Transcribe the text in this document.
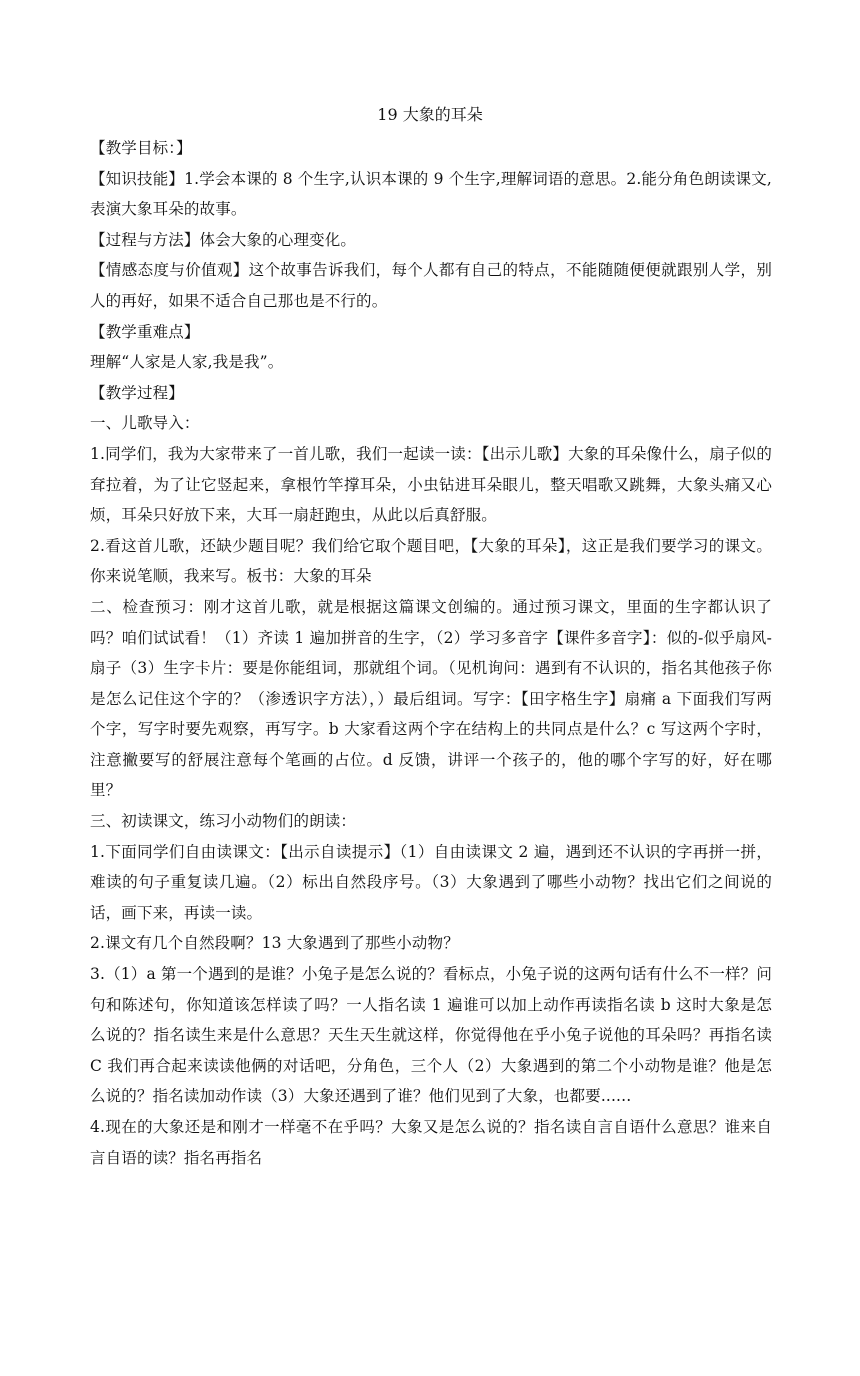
19 大象的耳朵

【教学目标：】

【知识技能】1.学会本课的 8 个生字,认识本课的 9 个生字,理解词语的意思。2.能分角色朗读课文,表演大象耳朵的故事。

【过程与方法】体会大象的心理变化。

【情感态度与价值观】这个故事告诉我们，每个人都有自己的特点，不能随随便便就跟别人学，别人的再好，如果不适合自己那也是不行的。

【教学重难点】

理解“人家是人家,我是我”。

【教学过程】

一、儿歌导入：

1.同学们，我为大家带来了一首儿歌，我们一起读一读：【出示儿歌】大象的耳朵像什么，扇子似的耷拉着，为了让它竖起来，拿根竹竿撑耳朵，小虫钻进耳朵眼儿，整天唱歌又跳舞，大象头痛又心烦，耳朵只好放下来，大耳一扇赶跑虫，从此以后真舒服。

2.看这首儿歌，还缺少题目呢？我们给它取个题目吧，【大象的耳朵】，这正是我们要学习的课文。你来说笔顺，我来写。板书：大象的耳朵

二、检查预习：刚才这首儿歌，就是根据这篇课文创编的。通过预习课文，里面的生字都认识了吗？咱们试试看！（1）齐读 1 遍加拼音的生字，（2）学习多音字【课件多音字】：似的-似乎扇风-扇子（3）生字卡片：要是你能组词，那就组个词。（见机询问：遇到有不认识的，指名其他孩子你是怎么记住这个字的？（渗透识字方法），）最后组词。写字：【田字格生字】扇痛 a 下面我们写两个字，写字时要先观察，再写字。b 大家看这两个字在结构上的共同点是什么？c 写这两个字时，注意撇要写的舒展注意每个笔画的占位。d 反馈，讲评一个孩子的，他的哪个字写的好，好在哪里？

三、初读课文，练习小动物们的朗读：

1.下面同学们自由读课文：【出示自读提示】（1）自由读课文 2 遍，遇到还不认识的字再拼一拼，难读的句子重复读几遍。（2）标出自然段序号。（3）大象遇到了哪些小动物？找出它们之间说的话，画下来，再读一读。

2.课文有几个自然段啊？13 大象遇到了那些小动物？

3.（1）a 第一个遇到的是谁？小兔子是怎么说的？看标点，小兔子说的这两句话有什么不一样？问句和陈述句，你知道该怎样读了吗？一人指名读 1 遍谁可以加上动作再读指名读 b 这时大象是怎么说的？指名读生来是什么意思？天生天生就这样，你觉得他在乎小兔子说他的耳朵吗？再指名读 C 我们再合起来读读他俩的对话吧，分角色，三个人（2）大象遇到的第二个小动物是谁？他是怎么说的？指名读加动作读（3）大象还遇到了谁？他们见到了大象，也都要......

4.现在的大象还是和刚才一样毫不在乎吗？大象又是怎么说的？指名读自言自语什么意思？谁来自言自语的读？指名再指名
